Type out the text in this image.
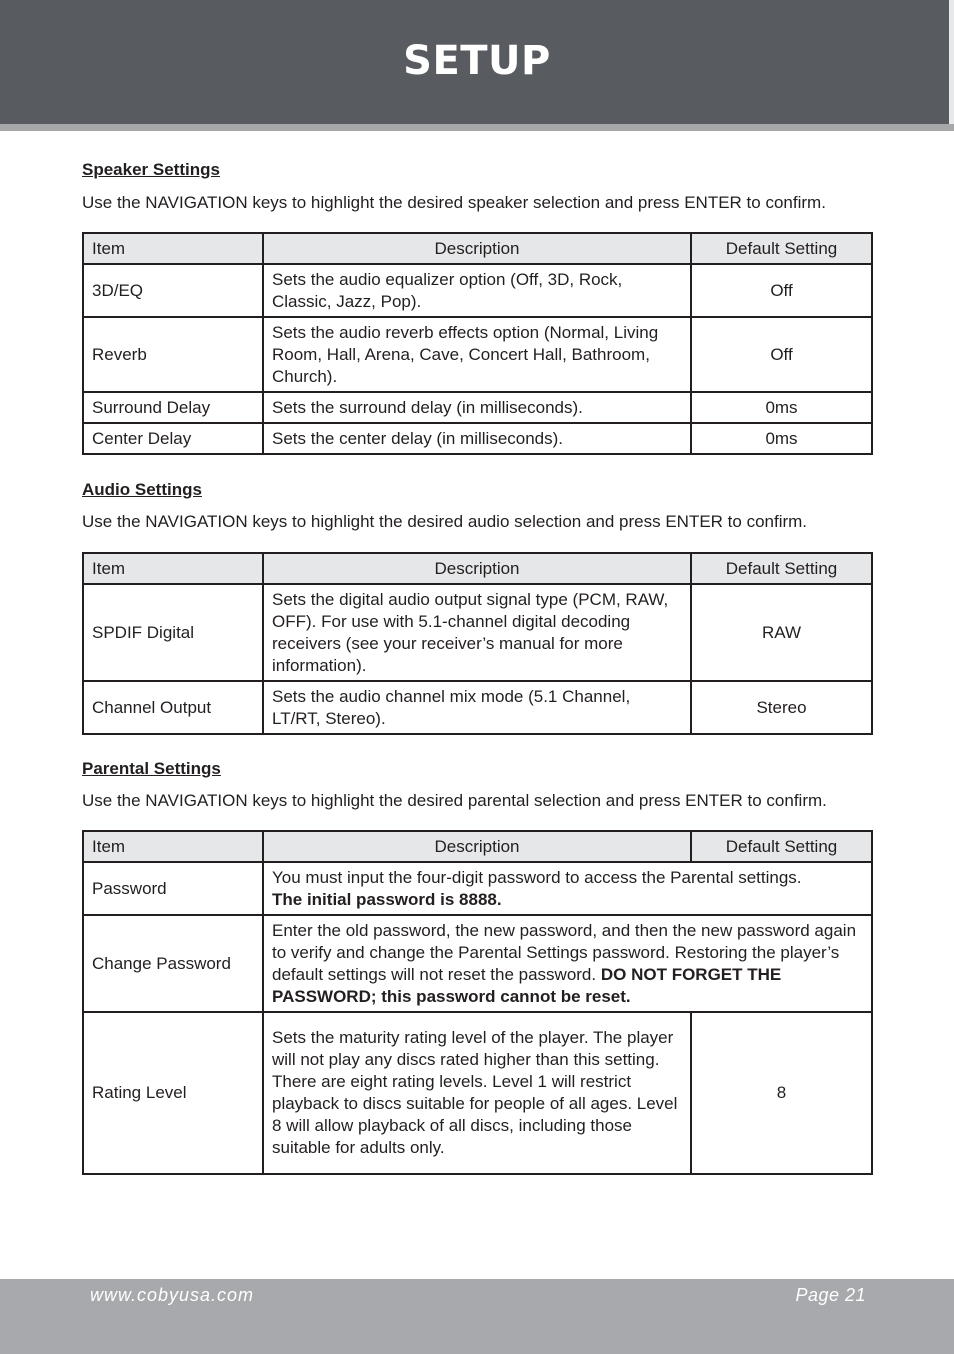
SETUP
Speaker Settings
Use the NAVIGATION keys to highlight the desired speaker selection and press ENTER to confirm.
Item	Description	Default Setting
3D/EQ	Sets the audio equalizer option (Off, 3D, Rock, Classic, Jazz, Pop).	Off
Reverb	Sets the audio reverb effects option (Normal, Living Room, Hall, Arena, Cave, Concert Hall, Bathroom, Church).	Off
Surround Delay	Sets the surround delay (in milliseconds).	0ms
Center Delay	Sets the center delay (in milliseconds).	0ms
Audio Settings
Use the NAVIGATION keys to highlight the desired audio selection and press ENTER to confirm.
Item	Description	Default Setting
SPDIF Digital	Sets the digital audio output signal type (PCM, RAW, OFF). For use with 5.1-channel digital decoding receivers (see your receiver’s manual for more information).	RAW
Channel Output	Sets the audio channel mix mode (5.1 Channel, LT/RT, Stereo).	Stereo
Parental Settings
Use the NAVIGATION keys to highlight the desired parental selection and press ENTER to confirm.
Item	Description	Default Setting
Password	You must input the four-digit password to access the Parental settings.
The initial password is 8888.	
Change Password	Enter the old password, the new password, and then the new password again to verify and change the Parental Settings password. Restoring the player’s default settings will not reset the password. DO NOT FORGET THE PASSWORD; this password cannot be reset.	
Rating Level	Sets the maturity rating level of the player. The player will not play any discs rated higher than this setting.
There are eight rating levels. Level 1 will restrict playback to discs suitable for people of all ages. Level 8 will allow playback of all discs, including those suitable for adults only.	8
www.cobyusa.com	Page 21
